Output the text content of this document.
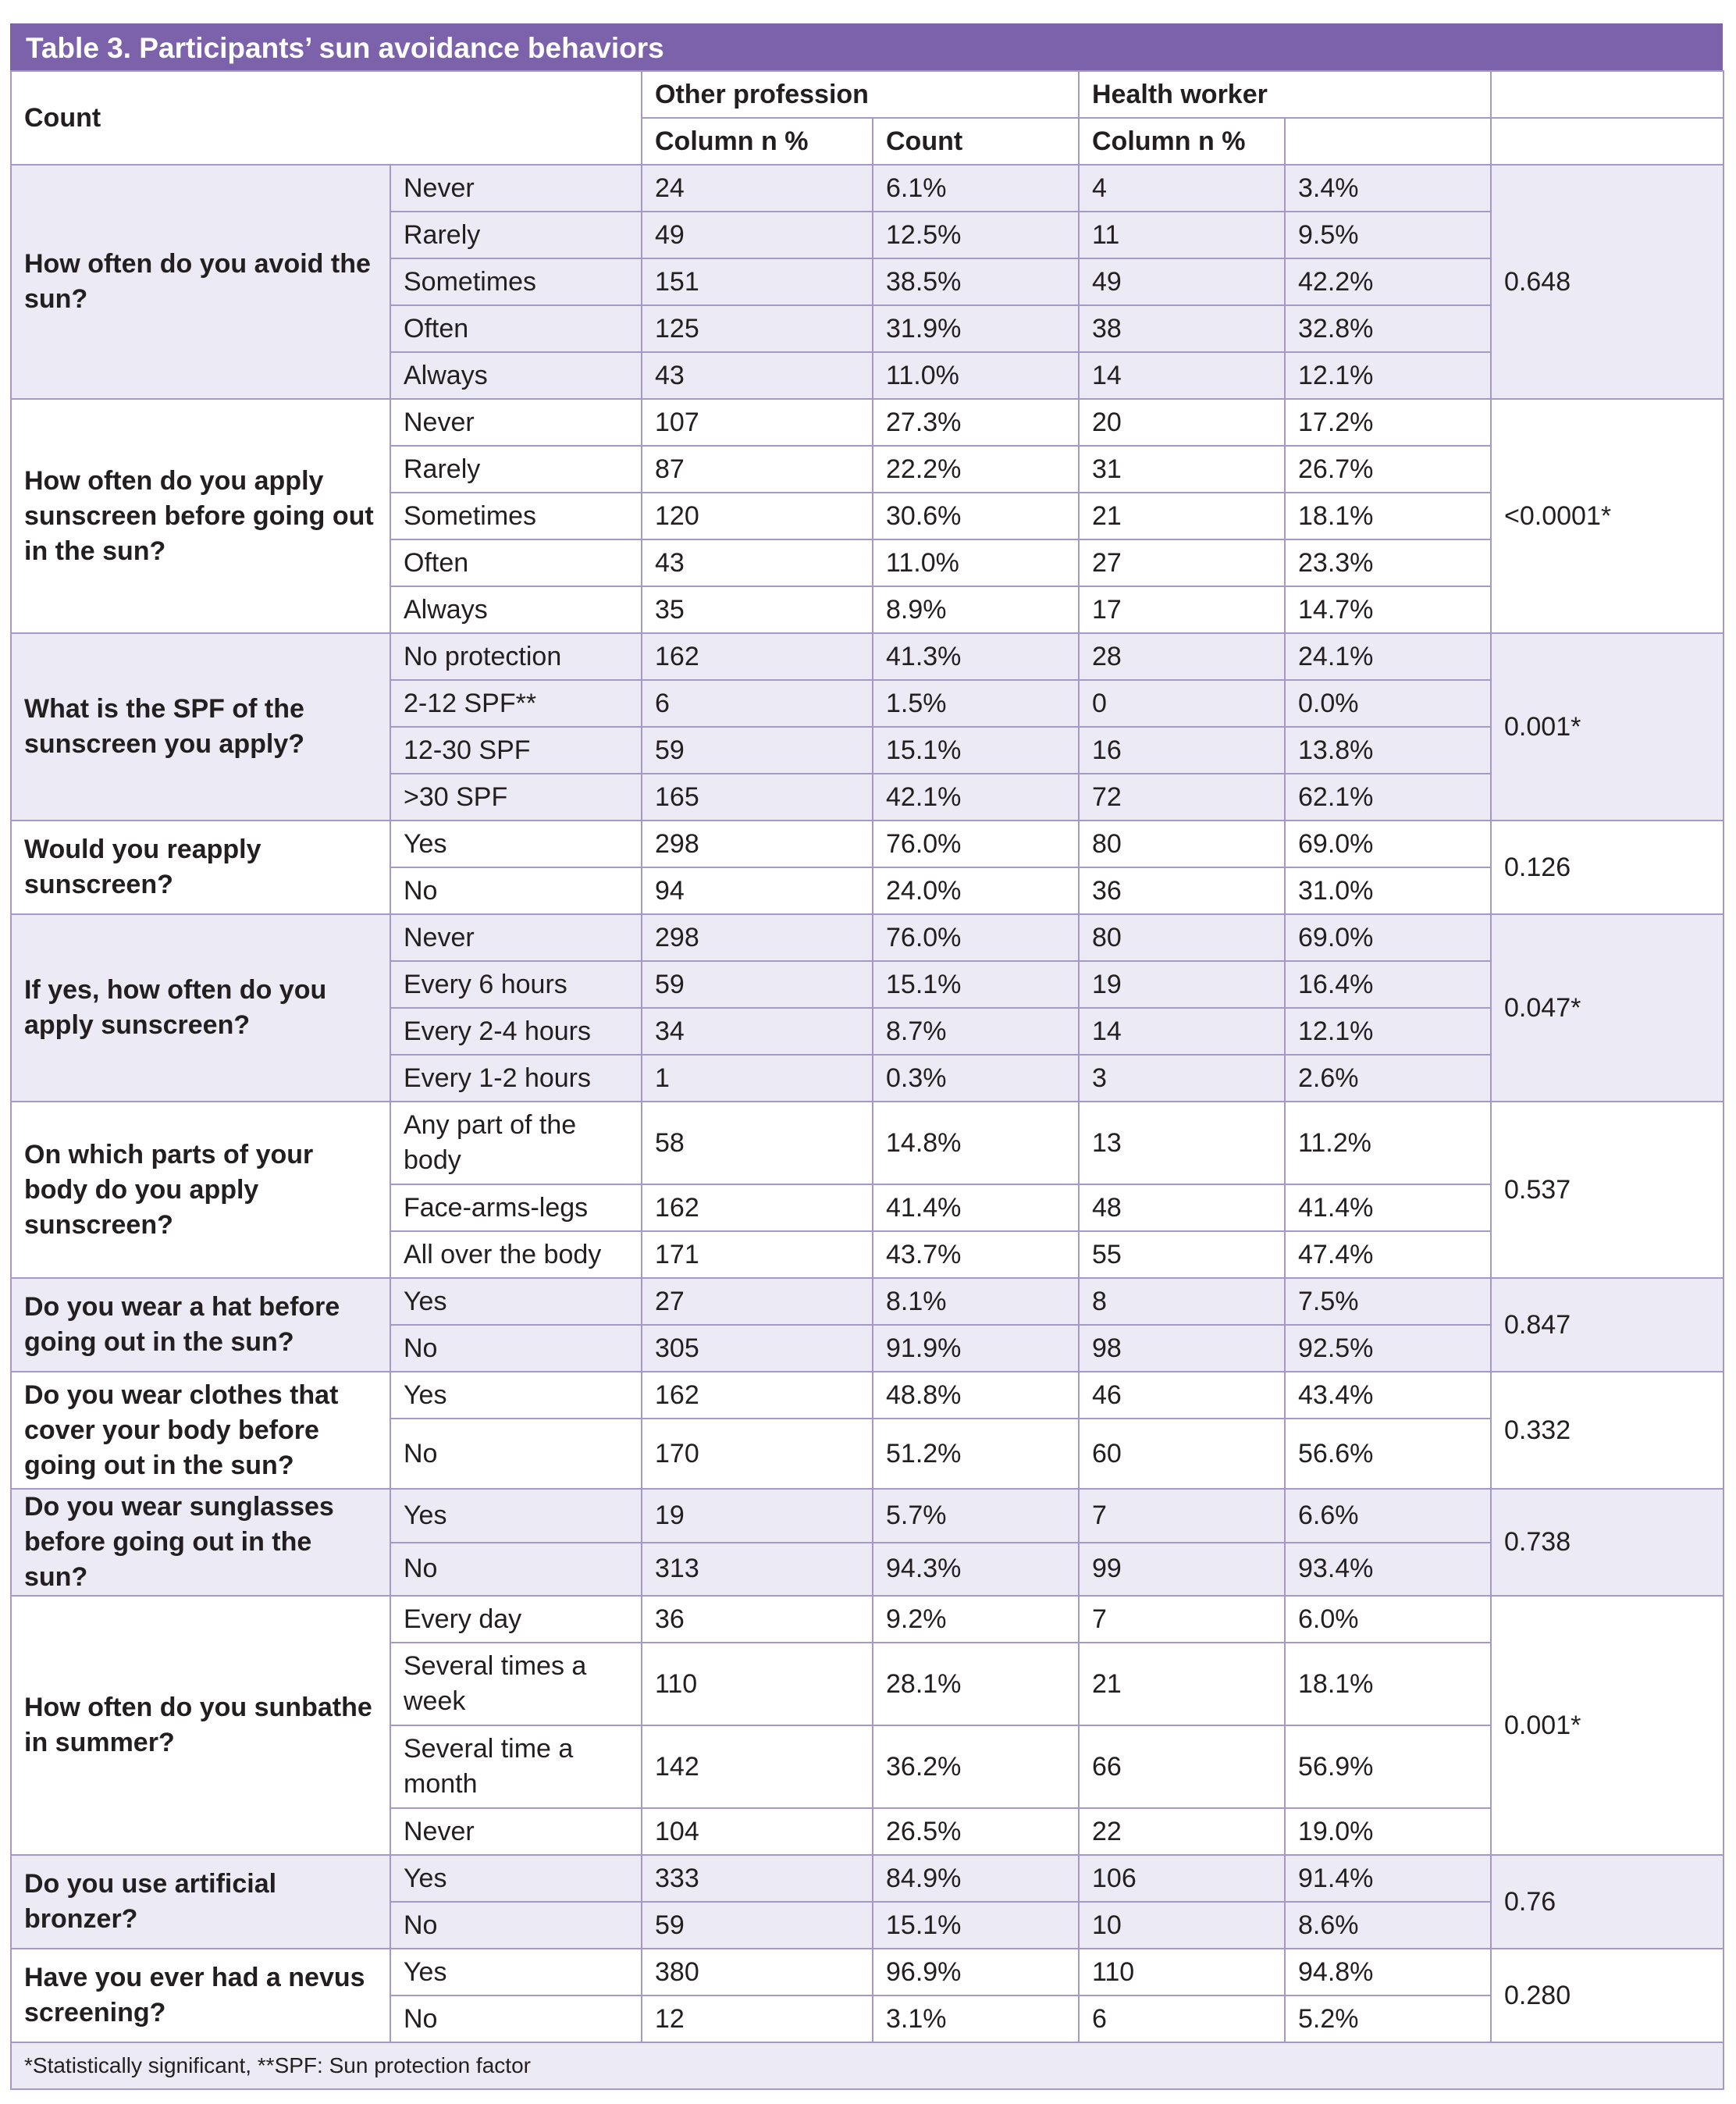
Table 3. Participants’ sun avoidance behaviors
Count		Other profession		Health worker		
		Column n %	Count	Column n %		
How often do you avoid the sun?	Never	24	6.1%	4	3.4%	0.648
	Rarely	49	12.5%	11	9.5%	
	Sometimes	151	38.5%	49	42.2%	
	Often	125	31.9%	38	32.8%	
	Always	43	11.0%	14	12.1%	
How often do you apply sunscreen before going out in the sun?	Never	107	27.3%	20	17.2%	<0.0001*
	Rarely	87	22.2%	31	26.7%	
	Sometimes	120	30.6%	21	18.1%	
	Often	43	11.0%	27	23.3%	
	Always	35	8.9%	17	14.7%	
What is the SPF of the sunscreen you apply?	No protection	162	41.3%	28	24.1%	0.001*
	2-12 SPF**	6	1.5%	0	0.0%	
	12-30 SPF	59	15.1%	16	13.8%	
	>30 SPF	165	42.1%	72	62.1%	
Would you reapply sunscreen?	Yes	298	76.0%	80	69.0%	0.126
	No	94	24.0%	36	31.0%	
If yes, how often do you apply sunscreen?	Never	298	76.0%	80	69.0%	0.047*
	Every 6 hours	59	15.1%	19	16.4%	
	Every 2-4 hours	34	8.7%	14	12.1%	
	Every 1-2 hours	1	0.3%	3	2.6%	
On which parts of your body do you apply sunscreen?	Any part of the body	58	14.8%	13	11.2%	0.537
	Face-arms-legs	162	41.4%	48	41.4%	
	All over the body	171	43.7%	55	47.4%	
Do you wear a hat before going out in the sun?	Yes	27	8.1%	8	7.5%	0.847
	No	305	91.9%	98	92.5%	
Do you wear clothes that cover your body before going out in the sun?	Yes	162	48.8%	46	43.4%	0.332
	No	170	51.2%	60	56.6%	
Do you wear sunglasses before going out in the sun?	Yes	19	5.7%	7	6.6%	0.738
	No	313	94.3%	99	93.4%	
How often do you sunbathe in summer?	Every day	36	9.2%	7	6.0%	0.001*
	Several times a week	110	28.1%	21	18.1%	
	Several time a month	142	36.2%	66	56.9%	
	Never	104	26.5%	22	19.0%	
Do you use artificial bronzer?	Yes	333	84.9%	106	91.4%	0.76
	No	59	15.1%	10	8.6%	
Have you ever had a nevus screening?	Yes	380	96.9%	110	94.8%	0.280
	No	12	3.1%	6	5.2%	
*Statistically significant, **SPF: Sun protection factor						
